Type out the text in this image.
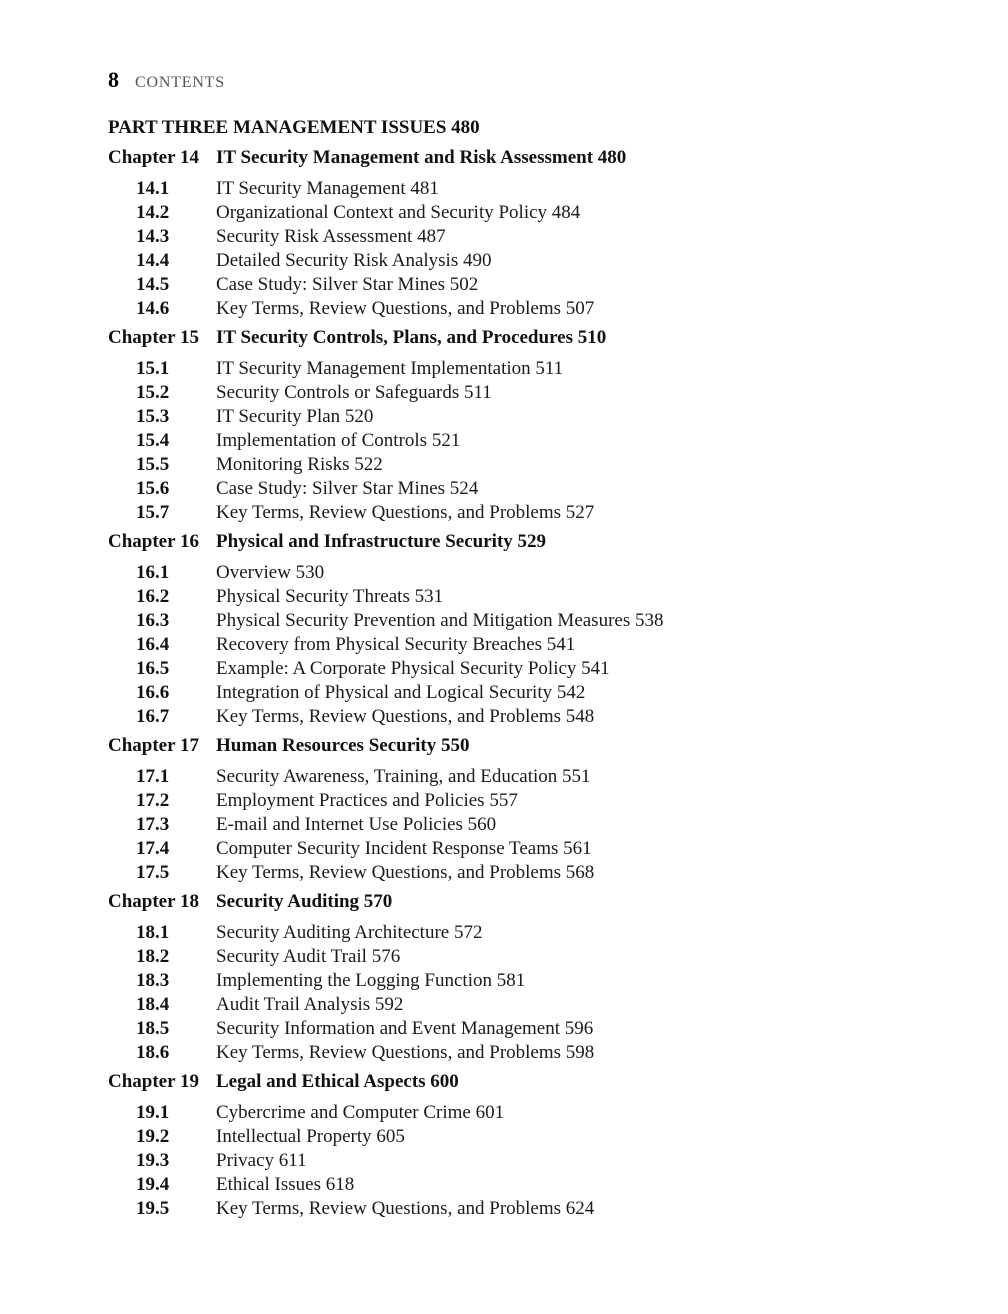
8 CONTENTS
PART THREE MANAGEMENT ISSUES 480
Chapter 14 IT Security Management and Risk Assessment 480
14.1	IT Security Management 481
14.2	Organizational Context and Security Policy 484
14.3	Security Risk Assessment 487
14.4	Detailed Security Risk Analysis 490
14.5	Case Study: Silver Star Mines 502
14.6	Key Terms, Review Questions, and Problems 507
Chapter 15 IT Security Controls, Plans, and Procedures 510
15.1	IT Security Management Implementation 511
15.2	Security Controls or Safeguards 511
15.3	IT Security Plan 520
15.4	Implementation of Controls 521
15.5	Monitoring Risks 522
15.6	Case Study: Silver Star Mines 524
15.7	Key Terms, Review Questions, and Problems 527
Chapter 16 Physical and Infrastructure Security 529
16.1	Overview 530
16.2	Physical Security Threats 531
16.3	Physical Security Prevention and Mitigation Measures 538
16.4	Recovery from Physical Security Breaches 541
16.5	Example: A Corporate Physical Security Policy 541
16.6	Integration of Physical and Logical Security 542
16.7	Key Terms, Review Questions, and Problems 548
Chapter 17 Human Resources Security 550
17.1	Security Awareness, Training, and Education 551
17.2	Employment Practices and Policies 557
17.3	E-mail and Internet Use Policies 560
17.4	Computer Security Incident Response Teams 561
17.5	Key Terms, Review Questions, and Problems 568
Chapter 18 Security Auditing 570
18.1	Security Auditing Architecture 572
18.2	Security Audit Trail 576
18.3	Implementing the Logging Function 581
18.4	Audit Trail Analysis 592
18.5	Security Information and Event Management 596
18.6	Key Terms, Review Questions, and Problems 598
Chapter 19 Legal and Ethical Aspects 600
19.1	Cybercrime and Computer Crime 601
19.2	Intellectual Property 605
19.3	Privacy 611
19.4	Ethical Issues 618
19.5	Key Terms, Review Questions, and Problems 624
